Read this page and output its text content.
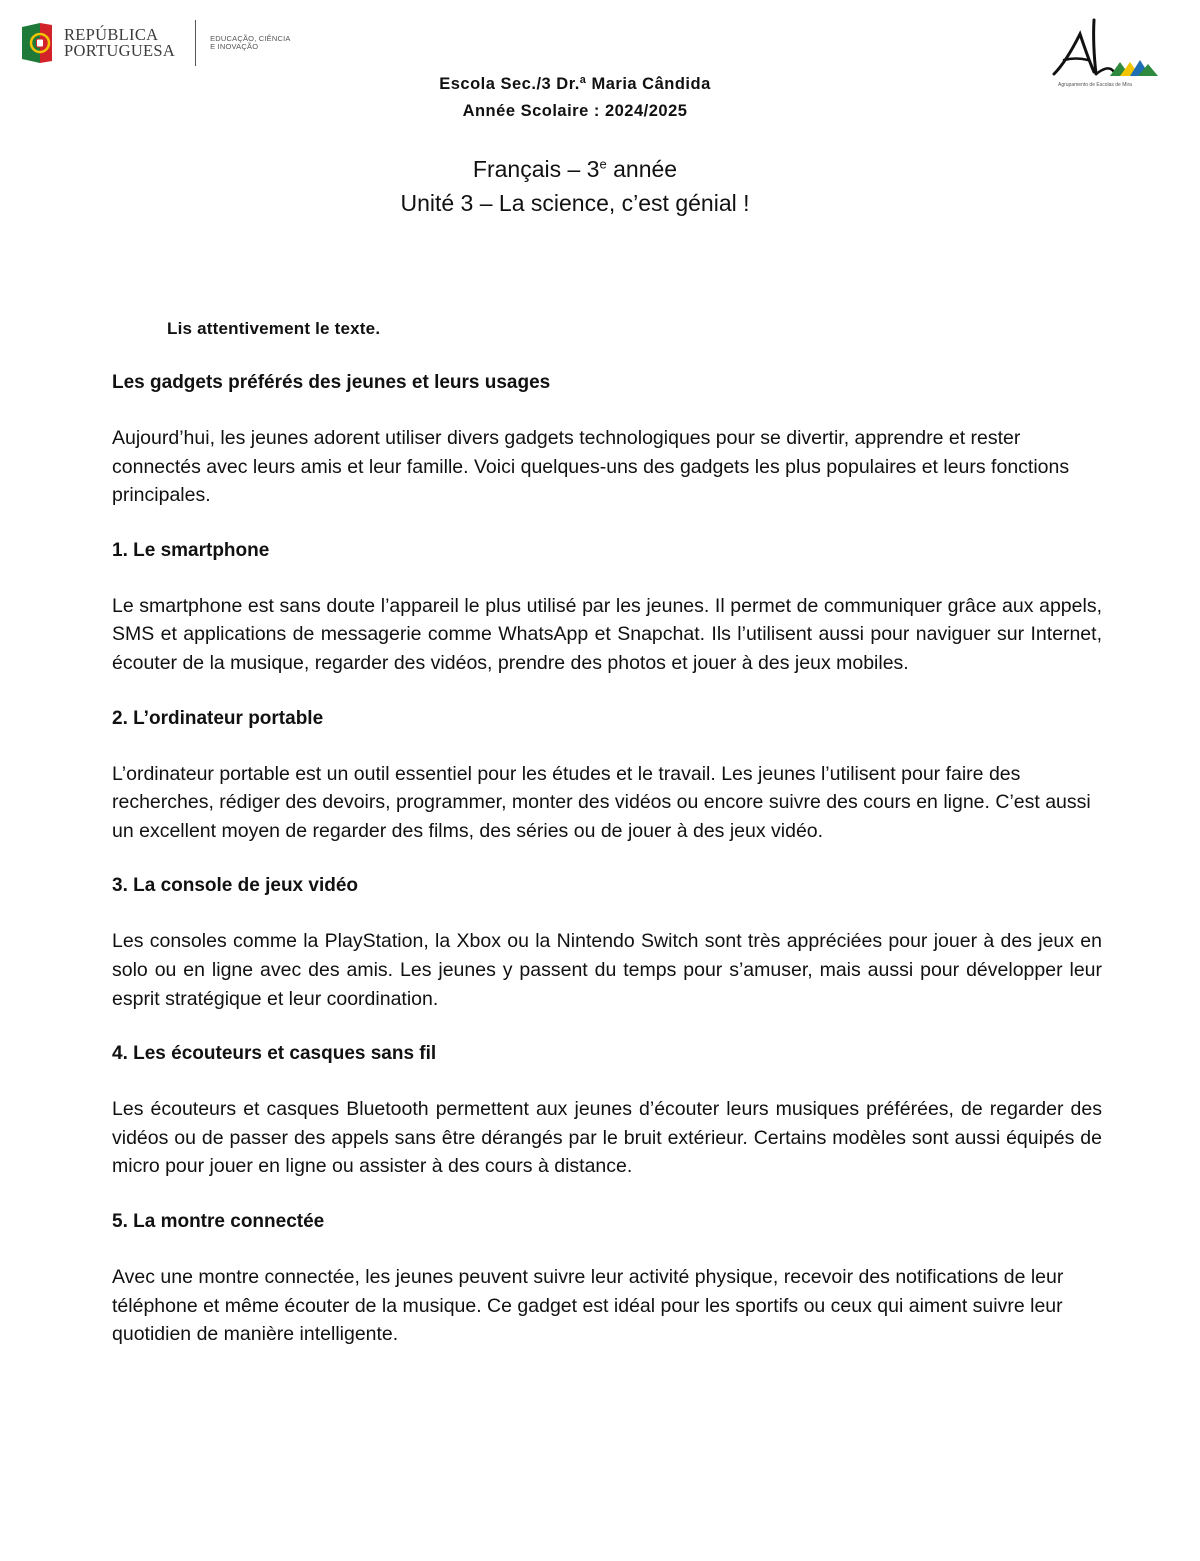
REPÚBLICA
PORTUGUESA
EDUCAÇÃO, CIÊNCIA
E INOVAÇÃO
Agrupamento de Escolas de Mira
Escola Sec./3 Dr.ª Maria Cândida
Année Scolaire : 2024/2025
Français – 3e année
Unité 3 – La science, c’est génial !
Lis attentivement le texte.
Les gadgets préférés des jeunes et leurs usages
Aujourd’hui, les jeunes adorent utiliser divers gadgets technologiques pour se divertir, apprendre et rester connectés avec leurs amis et leur famille. Voici quelques-uns des gadgets les plus populaires et leurs fonctions principales.
1. Le smartphone
Le smartphone est sans doute l’appareil le plus utilisé par les jeunes. Il permet de communiquer grâce aux appels, SMS et applications de messagerie comme WhatsApp et Snapchat. Ils l’utilisent aussi pour naviguer sur Internet, écouter de la musique, regarder des vidéos, prendre des photos et jouer à des jeux mobiles.
2. L’ordinateur portable
L’ordinateur portable est un outil essentiel pour les études et le travail. Les jeunes l’utilisent pour faire des recherches, rédiger des devoirs, programmer, monter des vidéos ou encore suivre des cours en ligne. C’est aussi un excellent moyen de regarder des films, des séries ou de jouer à des jeux vidéo.
3. La console de jeux vidéo
Les consoles comme la PlayStation, la Xbox ou la Nintendo Switch sont très appréciées pour jouer à des jeux en solo ou en ligne avec des amis. Les jeunes y passent du temps pour s’amuser, mais aussi pour développer leur esprit stratégique et leur coordination.
4. Les écouteurs et casques sans fil
Les écouteurs et casques Bluetooth permettent aux jeunes d’écouter leurs musiques préférées, de regarder des vidéos ou de passer des appels sans être dérangés par le bruit extérieur. Certains modèles sont aussi équipés de micro pour jouer en ligne ou assister à des cours à distance.
5. La montre connectée
Avec une montre connectée, les jeunes peuvent suivre leur activité physique, recevoir des notifications de leur téléphone et même écouter de la musique. Ce gadget est idéal pour les sportifs ou ceux qui aiment suivre leur quotidien de manière intelligente.
